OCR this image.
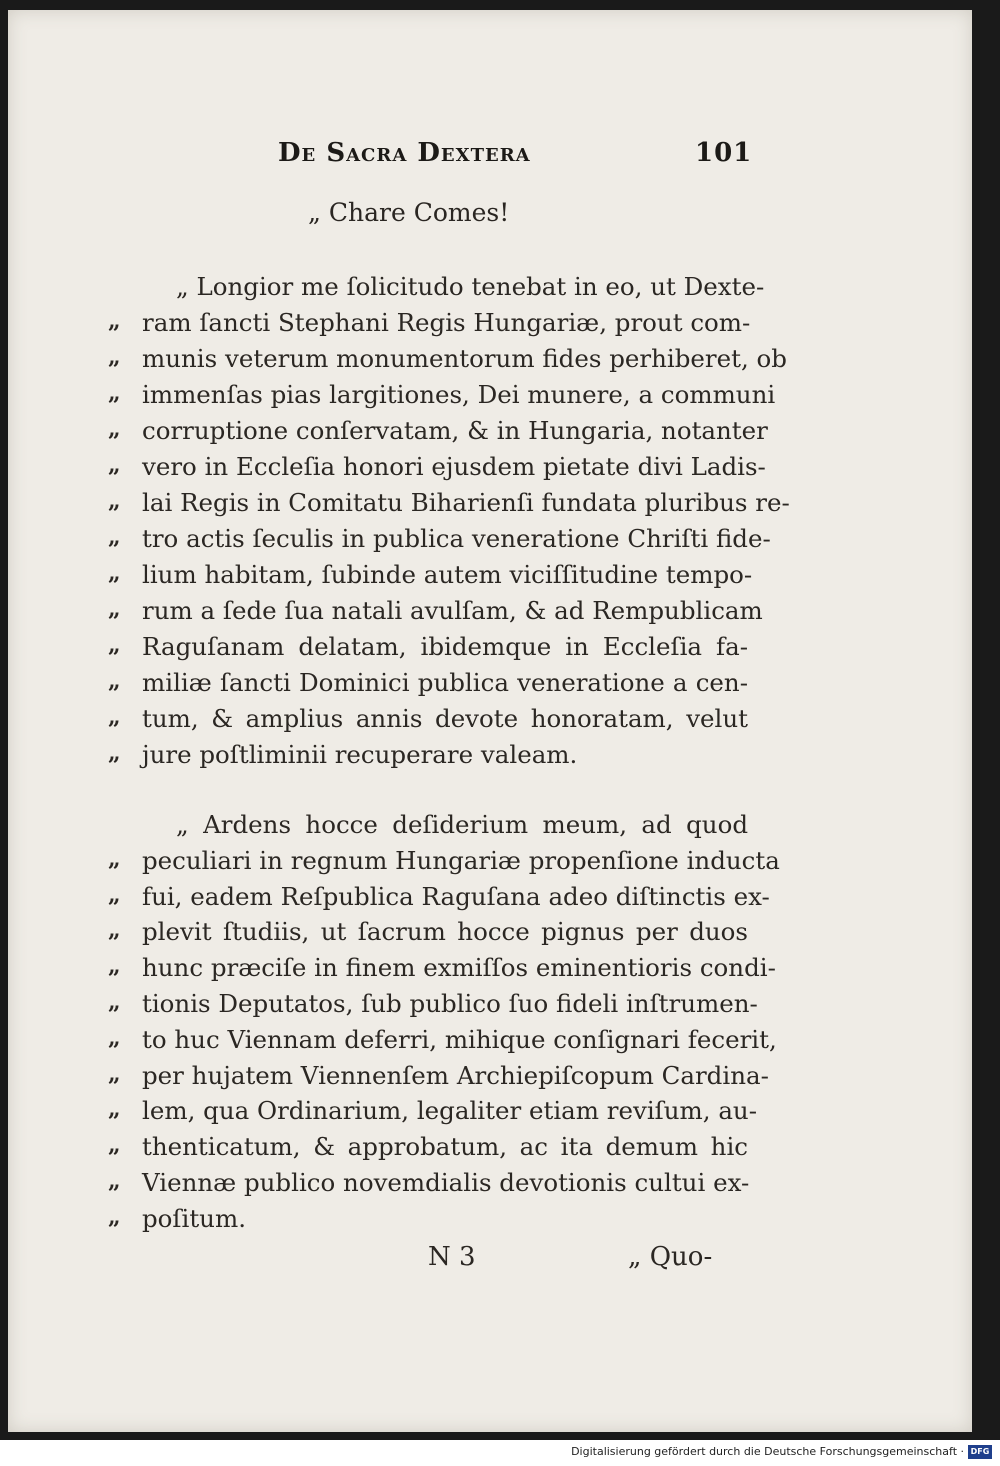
De Sacra Dextera	101
„ Chare Comes!
„ Longior me ſolicitudo tenebat in eo, ut Dexte-
„ ram ſancti Stephani Regis Hungariæ, prout com-
„ munis veterum monumentorum fides perhiberet, ob
„ immenſas pias largitiones, Dei munere, a communi
„ corruptione conſervatam, & in Hungaria, notanter
„ vero in Eccleſia honori ejusdem pietate divi Ladis-
„ lai Regis in Comitatu Biharienſi fundata pluribus re-
„ tro actis ſeculis in publica veneratione Chriſti fide-
„ lium habitam, ſubinde autem viciſſitudine tempo-
„ rum a ſede ſua natali avulſam, & ad Rempublicam
„ Raguſanam delatam, ibidemque in Eccleſia fa-
„ miliæ ſancti Dominici publica veneratione a cen-
„ tum, & amplius annis devote honoratam, velut
„ jure poſtliminii recuperare valeam.
„ Ardens hocce deſiderium meum, ad quod
„ peculiari in regnum Hungariæ propenſione inducta
„ fui, eadem Reſpublica Raguſana adeo diſtinctis ex-
„ plevit ſtudiis, ut ſacrum hocce pignus per duos
„ hunc præciſe in finem exmiſſos eminentioris condi-
„ tionis Deputatos, ſub publico ſuo fideli inſtrumen-
„ to huc Viennam deferri, mihique conſignari fecerit,
„ per hujatem Viennenſem Archiepiſcopum Cardina-
„ lem, qua Ordinarium, legaliter etiam reviſum, au-
„ thenticatum, & approbatum, ac ita demum hic
„ Viennæ publico novemdialis devotionis cultui ex-
„ poſitum.
N 3	„ Quo-
Digitalisierung gefördert durch die Deutsche Forschungsgemeinschaft · DFG
